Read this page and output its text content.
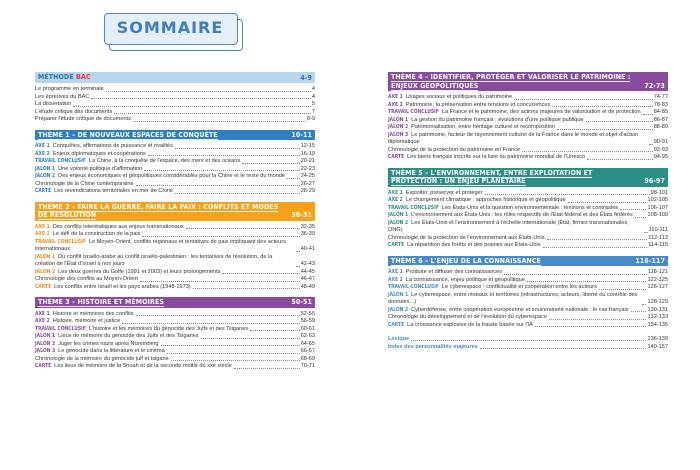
SOMMAIRE
MÉTHODE BAC	4-9
Le programme en terminale	4
Les épreuves du BAC	4
La dissertation	5
L'étude critique des documents	7
Préparer l'étude critique de documents	8-9
THÈME 1 – DE NOUVEAUX ESPACES DE CONQUÊTE	10-11
AXE 1 Conquêtes, affirmations de puissance et rivalités	12-15
AXE 2 Enjeux diplomatiques et coopérations	16-19
TRAVAIL CONCLUSIF La Chine, à la conquête de l'espace, des mers et des océans	20-21
JALON 1 Une volonté politique d'affirmation	22-23
JALON 2 Des enjeux économiques et géopolitiques considérables pour la Chine et le reste du monde	24-25
Chronologie de la Chine contemporaine	26-27
CARTE Les revendications territoriales en mer de Chine	28-29
THÈME 2 – FAIRE LA GUERRE, FAIRE LA PAIX : CONFLITS ET MODES DE RÉSOLUTION	30-31
AXE 1 Des conflits interétatiques aux enjeux transnationaux	32-35
AXE 2 Le défi de la construction de la paix	36-39
TRAVAIL CONCLUSIF Le Moyen-Orient, conflits régionaux et tentatives de paix impliquant des acteurs internationaux	40-41
JALON 1 Du conflit israélo-arabe au conflit israélo-palestinien : les tentatives de résolution, de la création de l'État d'Israël à nos jours	42-43
JALON 2 Les deux guerres du Golfe (1991 et 2003) et leurs prolongements	44-45
Chronologie des conflits au Moyen-Orient	46-47
CARTE Les conflits entre Israël et les pays arabes (1948-1973)	48-49
THÈME 3 – HISTOIRE ET MÉMOIRES	50-51
AXE 1 Histoire et mémoires des conflits	52-55
AXE 2 Histoire, mémoire et justice	56-59
TRAVAIL CONCLUSIF L'histoire et les mémoires du génocide des Juifs et des Tsiganes	60-61
JALON 1 Lieux de mémoire du génocide des Juifs et des Tsiganes	62-63
JALON 2 Juger les crimes nazis après Nuremberg	64-65
JALON 3 Le génocide dans la littérature et le cinéma	66-67
Chronologie de la mémoire du génocide juif et tsigane	68-69
CARTE Les lieux de mémoire de la Shoah et de la seconde moitié du xxe siècle	70-71
THÈME 4 – IDENTIFIER, PROTÉGER ET VALORISER LE PATRIMOINE : ENJEUX GÉOPOLITIQUES	72-73
AXE 1 Usages sociaux et politiques du patrimoine	74-77
AXE 2 Patrimoine, la préservation entre tensions et concurrences	78-83
TRAVAIL CONCLUSIF La France et le patrimoine, des actions majeures de valorisation et de protection 84-85
JALON 1 La gestion du patrimoine français : évolutions d'une politique publique	86-87
JALON 2 Patrimonialisation, entre héritage culturel et recomposition	88-89
JALON 3 Le patrimoine, facteur de rayonnement culturel de la France dans le monde et objet d'action diplomatique	90-91
Chronologie de la protection du patrimoine en France	92-93
CARTE Les biens français inscrits sur la liste du patrimoine mondial de l'Unesco	94-95
THÈME 5 – L'ENVIRONNEMENT, ENTRE EXPLOITATION ET PROTECTION : UN ENJEU PLANÉTAIRE	96-97
AXE 1 Exploiter, préserver et protéger	98-101
AXE 2 Le changement climatique : approches historique et géopolitique	102-105
TRAVAIL CONCLUSIF Les États-Unis et la question environnementale : tensions et contrastes	106-107
JALON 1 L'environnement aux États-Unis : les rôles respectifs de l'État fédéral et des États fédérés	108-109
JALON 2 Les États-Unis et l'environnement à l'échelle internationale (État, firmes transnationales, ONG)	110-111
Chronologie de la protection de l'environnement aux États-Unis	112-113
CARTE La répartition des forêts et des prairies aux États-Unis	114-115
THÈME 6 – L'ENJEU DE LA CONNAISSANCE	116-117
AXE 1 Produire et diffuser des connaissances	118-121
AXE 2 La connaissance, enjeu politique et géopolitique	122-125
TRAVAIL CONCLUSIF Le cyberespace : conflictualité et coopération entre les acteurs	126-127
JALON 1 Le cyberespace, entre réseaux et territoires (infrastructures, acteurs, liberté ou contrôle des données...)	128-129
JALON 2 Cyberdéfense, entre coopération européenne et souveraineté nationale : le cas français	130-131
Chronologie du développement et de l'évolution du cyberespace	132-133
CARTE La croissance explosive de la fraude basée sur l'IA	134-135
Lexique	136-139
Index des personnalités majeures	140-157
